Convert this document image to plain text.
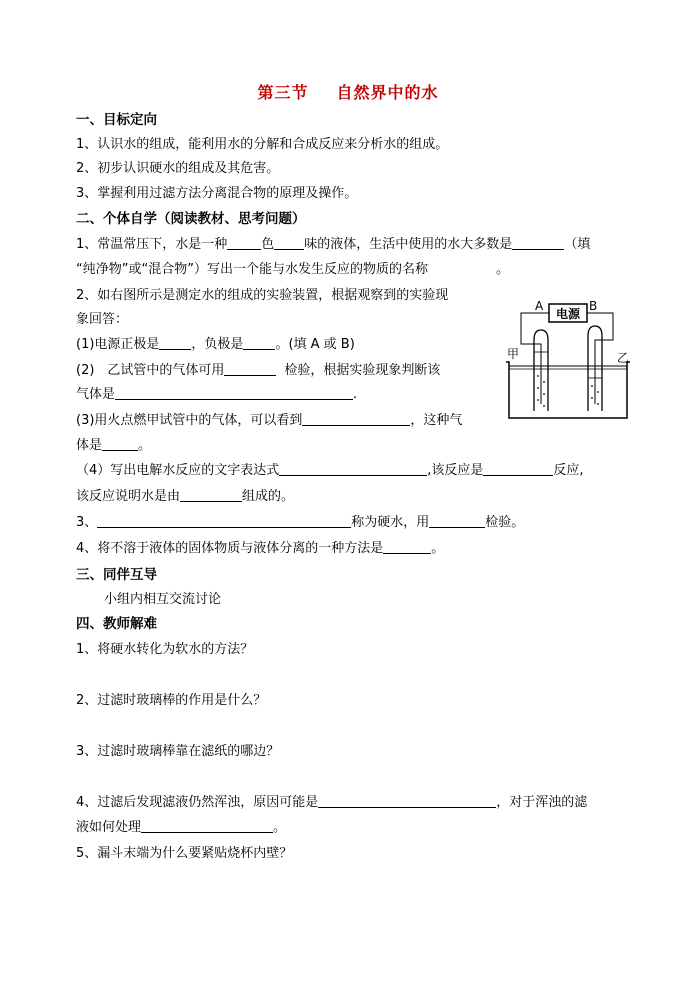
第三节 自然界中的水
一、目标定向
1、认识水的组成，能利用水的分解和合成反应来分析水的组成。
2、初步认识硬水的组成及其危害。
3、掌握利用过滤方法分离混合物的原理及操作。
二、个体自学（阅读教材、思考问题）
1、常温常压下，水是一种	色 味的液体，生活中使用的水大多数是	（填
“纯净物”或“混合物”）写出一个能与水发生反应的物质的名称	。
2、如右图所示是测定水的组成的实验装置，根据观察到的实验现
象回答：
(1)电源正极是 ，负极是 。(填 A 或 B)
(2)　乙试管中的气体可用	检验，根据实验现象判断该
气体是	.
(3)用火点燃甲试管中的气体，可以看到	，这种气
体是	。
（4）写出电解水反应的文字表达式	,该反应是	反应,
该反应说明水是由	组成的。
3、	称为硬水，用	检验。
4、将不溶于液体的固体物质与液体分离的一种方法是	。
三、同伴互导
小组内相互交流讨论
四、教师解难
1、将硬水转化为软水的方法？
2、过滤时玻璃棒的作用是什么？
3、过滤时玻璃棒靠在滤纸的哪边？
4、过滤后发现滤液仍然浑浊，原因可能是	，对于浑浊的滤
液如何处理	。
5、漏斗末端为什么要紧贴烧杯内壁？
电源
A	B
甲	乙
